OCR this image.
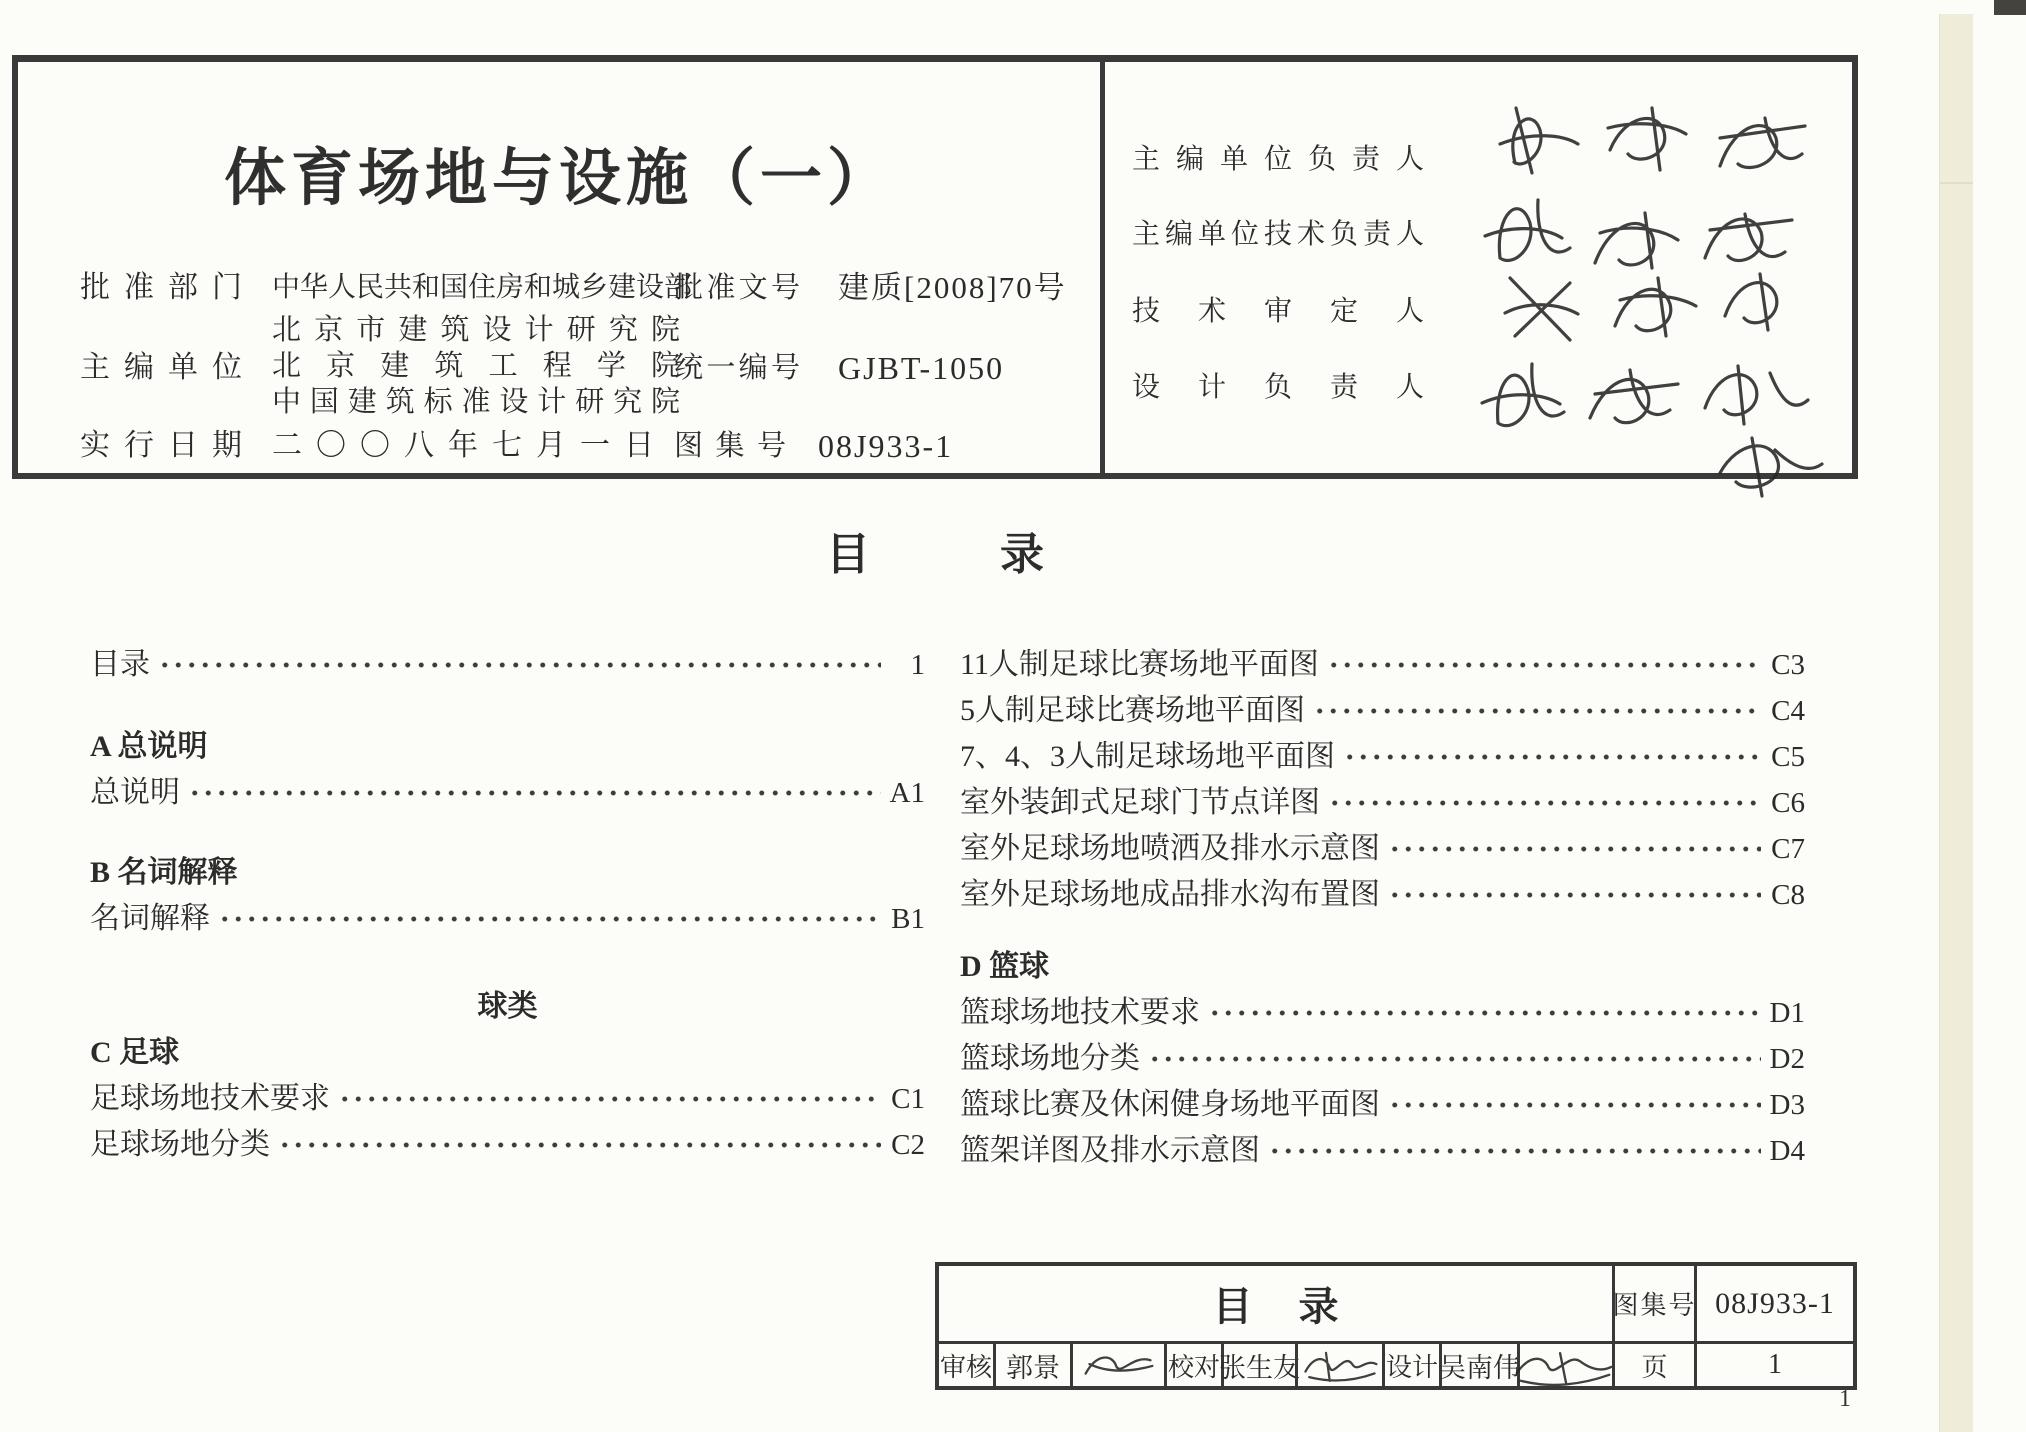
体育场地与设施（一）
批准部门 中华人民共和国住房和城乡建设部
批准文号 建质[2008]70号
主编单位
北京市建筑设计研究院
北京建筑工程学院
中国建筑标准设计研究院
统一编号 GJBT-1050
实行日期 二〇〇八年七月一日 图集号 08J933-1
主编单位负责人
主编单位技术负责人
技术审定人
设计负责人
目录
目录	1
A 总说明
总说明	A1
B 名词解释
名词解释	B1
球类
C 足球
足球场地技术要求	C1
足球场地分类	C2
11人制足球比赛场地平面图	C3
5人制足球比赛场地平面图	C4
7、4、3人制足球场地平面图	C5
室外装卸式足球门节点详图	C6
室外足球场地喷洒及排水示意图	C7
室外足球场地成品排水沟布置图	C8
D 篮球
篮球场地技术要求	D1
篮球场地分类	D2
篮球比赛及休闲健身场地平面图	D3
篮架详图及排水示意图	D4
目录	图集号 08J933-1
审核 郭景	校对 张生友	设计 吴南伟	页	1
1
